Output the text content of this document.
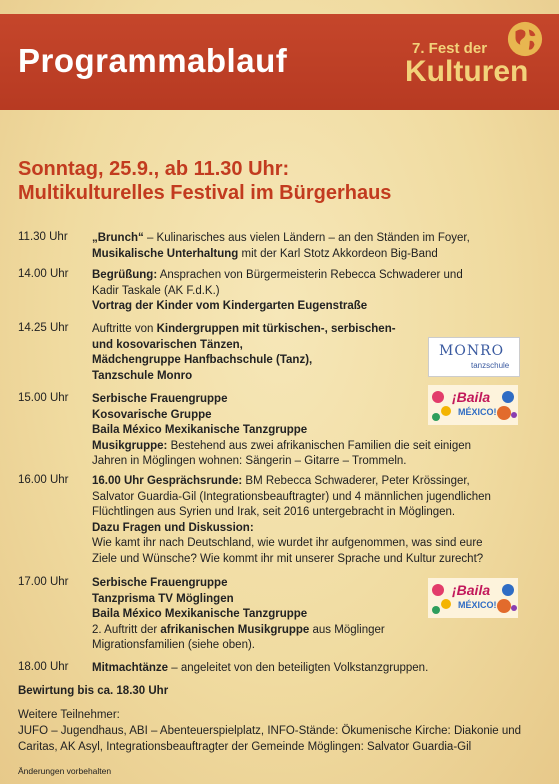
Programmablauf	7. Fest der
Kulturen
Sonntag, 25.9., ab 11.30 Uhr:
Multikulturelles Festival im Bürgerhaus
11.30 Uhr „Brunch“ – Kulinarisches aus vielen Ländern – an den Ständen im Foyer,
Musikalische Unterhaltung mit der Karl Stotz Akkordeon Big-Band
14.00 Uhr Begrüßung: Ansprachen von Bürgermeisterin Rebecca Schwaderer und
Kadir Taskale (AK F.d.K.)
Vortrag der Kinder vom Kindergarten Eugenstraße
14.25 Uhr Auftritte von Kindergruppen mit türkischen-, serbischen-
und kosovarischen Tänzen,
Mädchengruppe Hanfbachschule (Tanz),
Tanzschule Monro
15.00 Uhr Serbische Frauengruppe
Kosovarische Gruppe
Baila México Mexikanische Tanzgruppe
Musikgruppe: Bestehend aus zwei afrikanischen Familien die seit einigen
Jahren in Möglingen wohnen: Sängerin – Gitarre – Trommeln.
16.00 Uhr 16.00 Uhr Gesprächsrunde: BM Rebecca Schwaderer, Peter Krössinger,
Salvator Guardia-Gil (Integrationsbeauftragter) und 4 männlichen jugendlichen
Flüchtlingen aus Syrien und Irak, seit 2016 untergebracht in Möglingen.
Dazu Fragen und Diskussion:
Wie kamt ihr nach Deutschland, wie wurdet ihr aufgenommen, was sind eure
Ziele und Wünsche? Wie kommt ihr mit unserer Sprache und Kultur zurecht?
17.00 Uhr Serbische Frauengruppe
Tanzprisma TV Möglingen
Baila México Mexikanische Tanzgruppe
2. Auftritt der afrikanischen Musikgruppe aus Möglinger
Migrationsfamilien (siehe oben).
18.00 Uhr Mitmachtänze – angeleitet von den beteiligten Volkstanzgruppen.
MONRO
tanzschule
¡Baila
MÉXICO!
¡Baila
MÉXICO!
Bewirtung bis ca. 18.30 Uhr
Weitere Teilnehmer:
JUFO – Jugendhaus, ABI – Abenteuerspielplatz, INFO-Stände: Ökumenische Kirche: Diakonie und
Caritas, AK Asyl, Integrationsbeauftragter der Gemeinde Möglingen: Salvator Guardia-Gil
Änderungen vorbehalten
